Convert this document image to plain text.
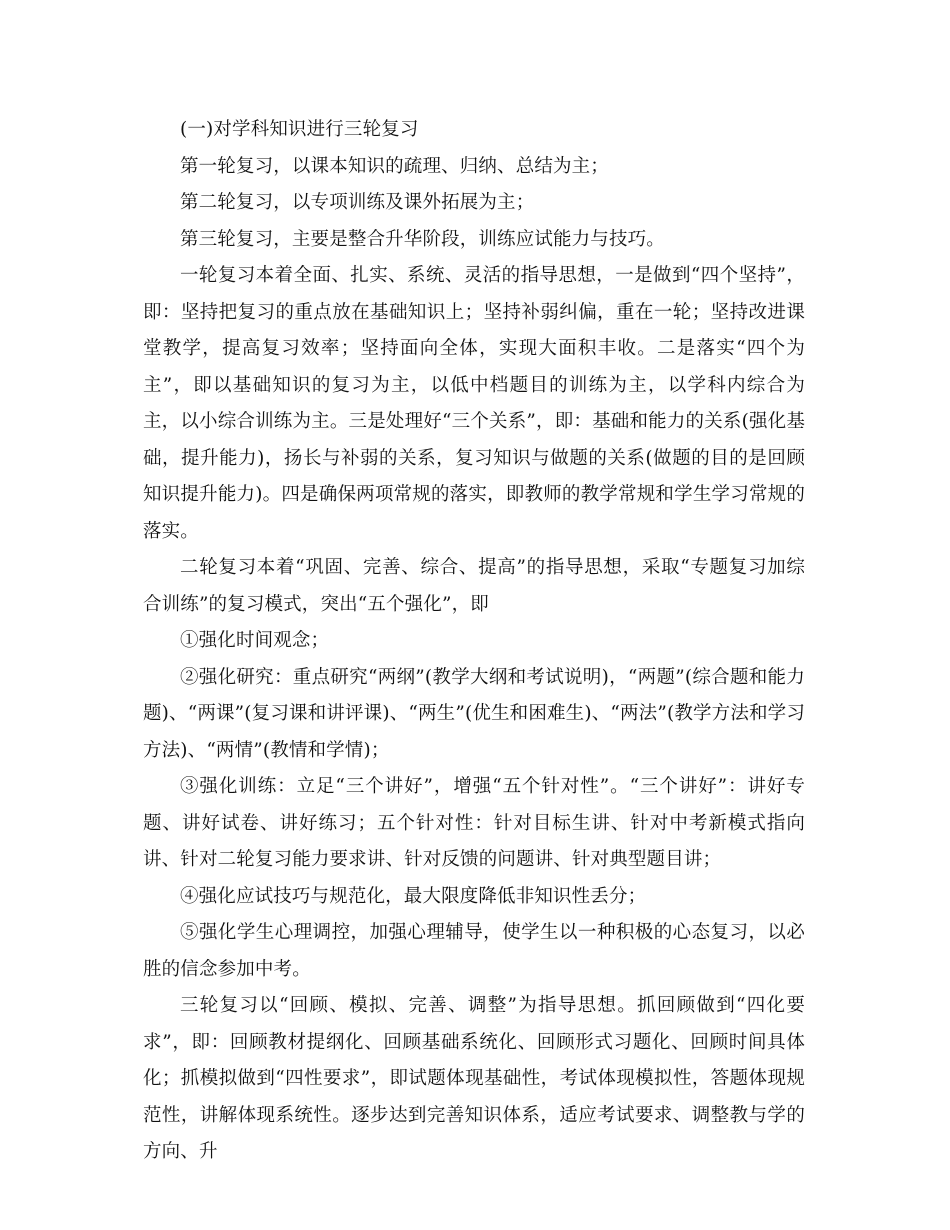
(一)对学科知识进行三轮复习

第一轮复习，以课本知识的疏理、归纳、总结为主；

第二轮复习，以专项训练及课外拓展为主；

第三轮复习，主要是整合升华阶段，训练应试能力与技巧。

一轮复习本着全面、扎实、系统、灵活的指导思想，一是做到“四个坚持”，即：坚持把复习的重点放在基础知识上；坚持补弱纠偏，重在一轮；坚持改进课堂教学，提高复习效率；坚持面向全体，实现大面积丰收。二是落实“四个为主”，即以基础知识的复习为主，以低中档题目的训练为主，以学科内综合为主，以小综合训练为主。三是处理好“三个关系”，即：基础和能力的关系(强化基础，提升能力)，扬长与补弱的关系，复习知识与做题的关系(做题的目的是回顾知识提升能力)。四是确保两项常规的落实，即教师的教学常规和学生学习常规的落实。

二轮复习本着“巩固、完善、综合、提高”的指导思想，采取“专题复习加综合训练”的复习模式，突出“五个强化”，即

①强化时间观念；

②强化研究：重点研究“两纲”(教学大纲和考试说明)，“两题”(综合题和能力题)、“两课”(复习课和讲评课)、“两生”(优生和困难生)、“两法”(教学方法和学习方法)、“两情”(教情和学情)；

③强化训练：立足“三个讲好”，增强“五个针对性”。“三个讲好”：讲好专题、讲好试卷、讲好练习；五个针对性：针对目标生讲、针对中考新模式指向讲、针对二轮复习能力要求讲、针对反馈的问题讲、针对典型题目讲；

④强化应试技巧与规范化，最大限度降低非知识性丢分；

⑤强化学生心理调控，加强心理辅导，使学生以一种积极的心态复习，以必胜的信念参加中考。

三轮复习以“回顾、模拟、完善、调整”为指导思想。抓回顾做到“四化要求”，即：回顾教材提纲化、回顾基础系统化、回顾形式习题化、回顾时间具体化；抓模拟做到“四性要求”，即试题体现基础性，考试体现模拟性，答题体现规范性，讲解体现系统性。逐步达到完善知识体系，适应考试要求、调整教与学的方向、升
